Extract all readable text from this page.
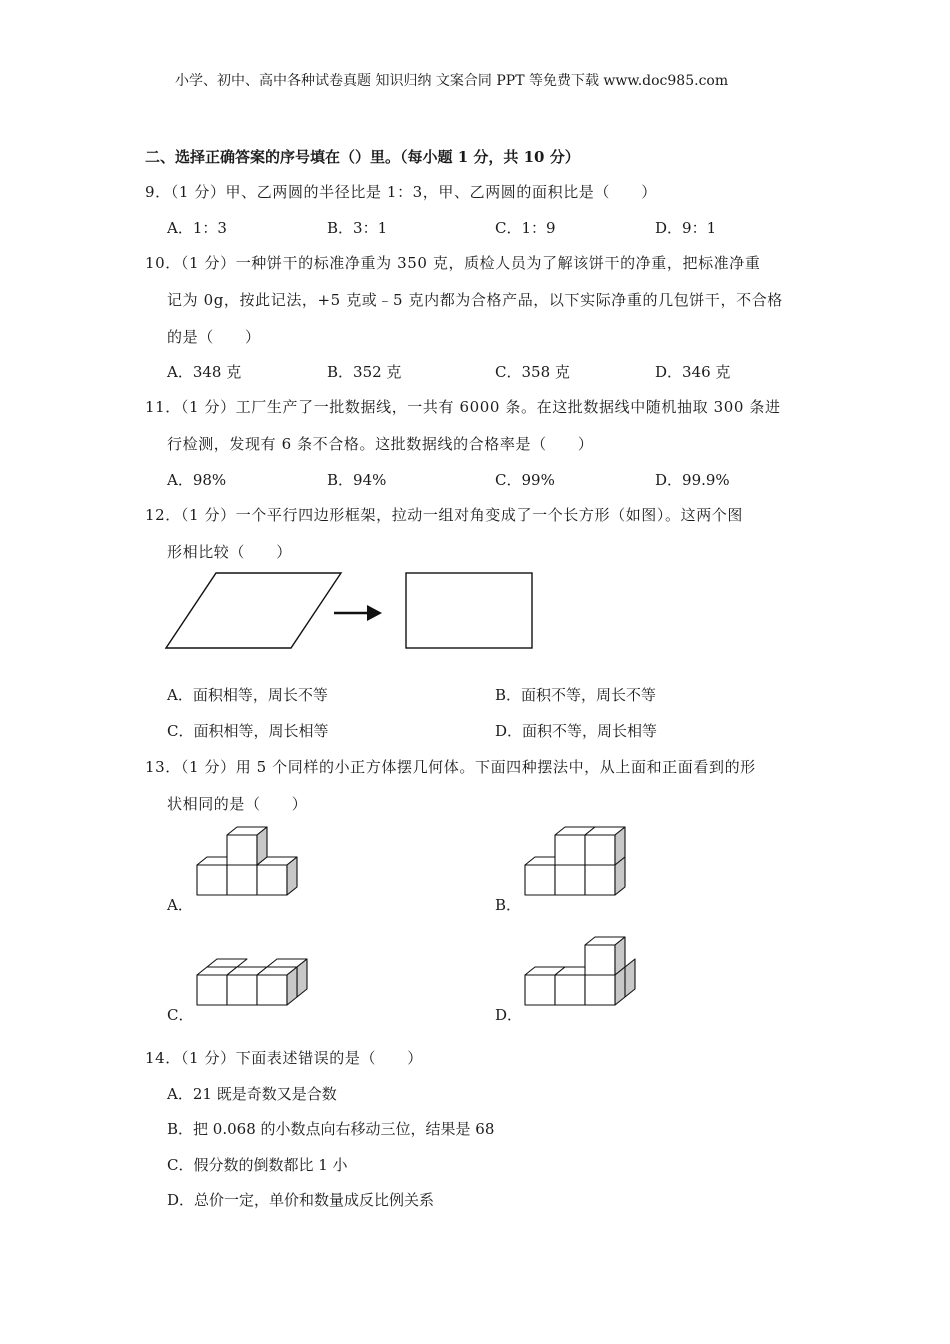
小学、初中、高中各种试卷真题 知识归纳 文案合同 PPT 等免费下载 www.doc985.com
二、选择正确答案的序号填在（）里。（每小题 1 分，共 10 分）
9．（1 分）甲、乙两圆的半径比是 1：3，甲、乙两圆的面积比是（　　）
A．1：3	B．3：1	C．1：9	D．9：1
10．（1 分）一种饼干的标准净重为 350 克，质检人员为了解该饼干的净重，把标准净重
记为 0g，按此记法，+5 克或﹣5 克内都为合格产品，以下实际净重的几包饼干，不合格
的是（　　）
A．348 克	B．352 克	C．358 克	D．346 克
11．（1 分）工厂生产了一批数据线，一共有 6000 条。在这批数据线中随机抽取 300 条进
行检测，发现有 6 条不合格。这批数据线的合格率是（　　）
A．98%	B．94%	C．99%	D．99.9%
12．（1 分）一个平行四边形框架，拉动一组对角变成了一个长方形（如图）。这两个图
形相比较（　　）
A．面积相等，周长不等	B．面积不等，周长不等
C．面积相等，周长相等	D．面积不等，周长相等
13．（1 分）用 5 个同样的小正方体摆几何体。下面四种摆法中，从上面和正面看到的形
状相同的是（　　）
A．	B．
C．	D．
14．（1 分）下面表述错误的是（　　）
A．21 既是奇数又是合数
B．把 0.068 的小数点向右移动三位，结果是 68
C．假分数的倒数都比 1 小
D．总价一定，单价和数量成反比例关系
